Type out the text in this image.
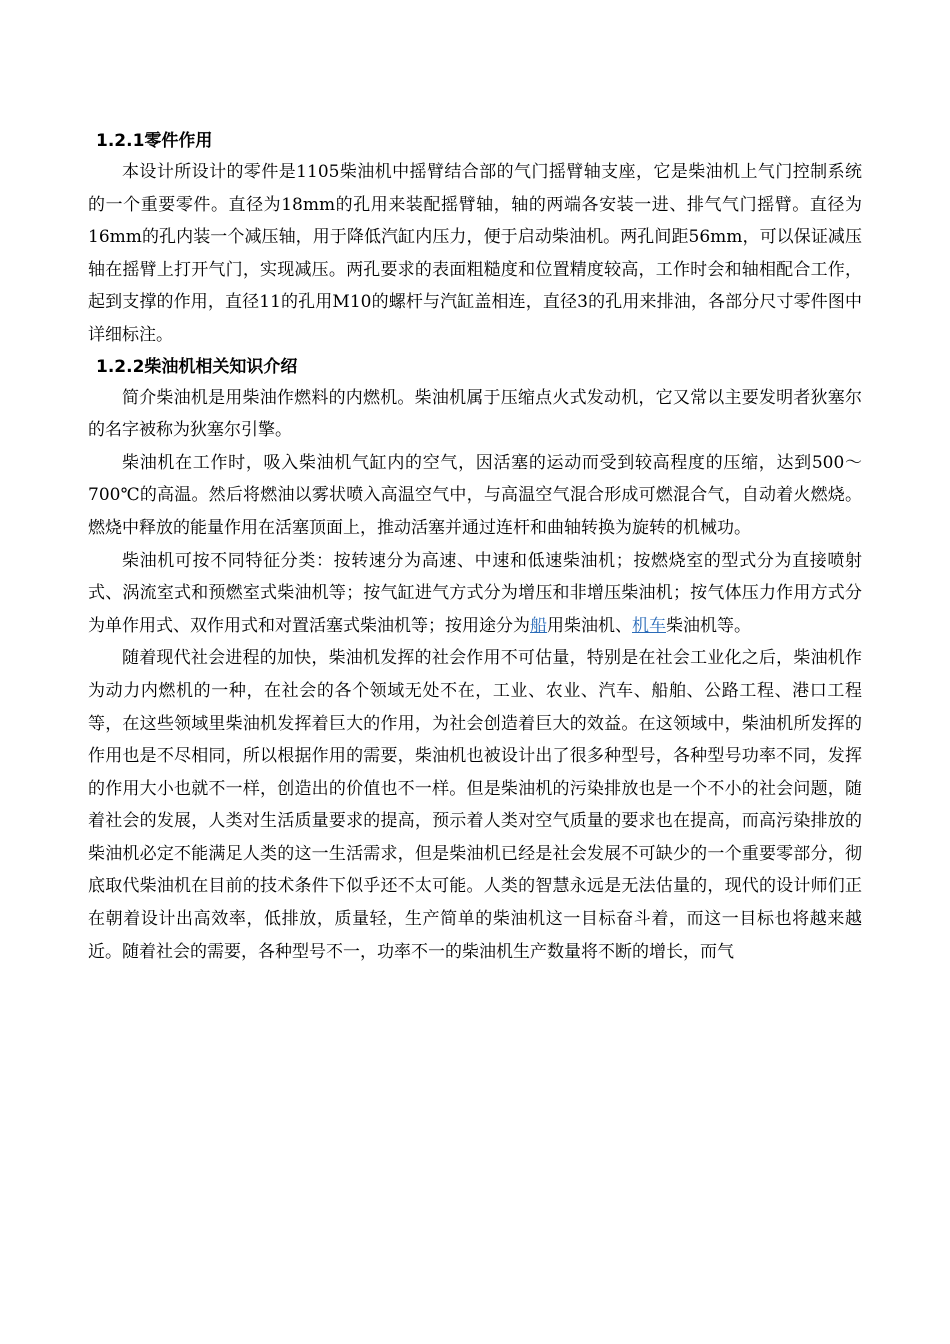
1.2.1零件作用

本设计所设计的零件是1105柴油机中摇臂结合部的气门摇臂轴支座，它是柴油机上气门控制系统的一个重要零件。直径为18mm的孔用来装配摇臂轴，轴的两端各安装一进、排气气门摇臂。直径为16mm的孔内装一个减压轴，用于降低汽缸内压力，便于启动柴油机。两孔间距56mm，可以保证减压轴在摇臂上打开气门，实现减压。两孔要求的表面粗糙度和位置精度较高，工作时会和轴相配合工作，起到支撑的作用，直径11的孔用M10的螺杆与汽缸盖相连，直径3的孔用来排油，各部分尺寸零件图中详细标注。

1.2.2柴油机相关知识介绍

简介柴油机是用柴油作燃料的内燃机。柴油机属于压缩点火式发动机，它又常以主要发明者狄塞尔的名字被称为狄塞尔引擎。

柴油机在工作时，吸入柴油机气缸内的空气，因活塞的运动而受到较高程度的压缩，达到500～700℃的高温。然后将燃油以雾状喷入高温空气中，与高温空气混合形成可燃混合气，自动着火燃烧。燃烧中释放的能量作用在活塞顶面上，推动活塞并通过连杆和曲轴转换为旋转的机械功。

柴油机可按不同特征分类：按转速分为高速、中速和低速柴油机；按燃烧室的型式分为直接喷射式、涡流室式和预燃室式柴油机等；按气缸进气方式分为增压和非增压柴油机；按气体压力作用方式分为单作用式、双作用式和对置活塞式柴油机等；按用途分为船用柴油机、机车柴油机等。

随着现代社会进程的加快，柴油机发挥的社会作用不可估量，特别是在社会工业化之后，柴油机作为动力内燃机的一种，在社会的各个领域无处不在，工业、农业、汽车、船舶、公路工程、港口工程等，在这些领域里柴油机发挥着巨大的作用，为社会创造着巨大的效益。在这领域中，柴油机所发挥的作用也是不尽相同，所以根据作用的需要，柴油机也被设计出了很多种型号，各种型号功率不同，发挥的作用大小也就不一样，创造出的价值也不一样。但是柴油机的污染排放也是一个不小的社会问题，随着社会的发展，人类对生活质量要求的提高，预示着人类对空气质量的要求也在提高，而高污染排放的柴油机必定不能满足人类的这一生活需求，但是柴油机已经是社会发展不可缺少的一个重要零部分，彻底取代柴油机在目前的技术条件下似乎还不太可能。人类的智慧永远是无法估量的，现代的设计师们正在朝着设计出高效率，低排放，质量轻，生产简单的柴油机这一目标奋斗着，而这一目标也将越来越近。随着社会的需要，各种型号不一，功率不一的柴油机生产数量将不断的增长，而气
